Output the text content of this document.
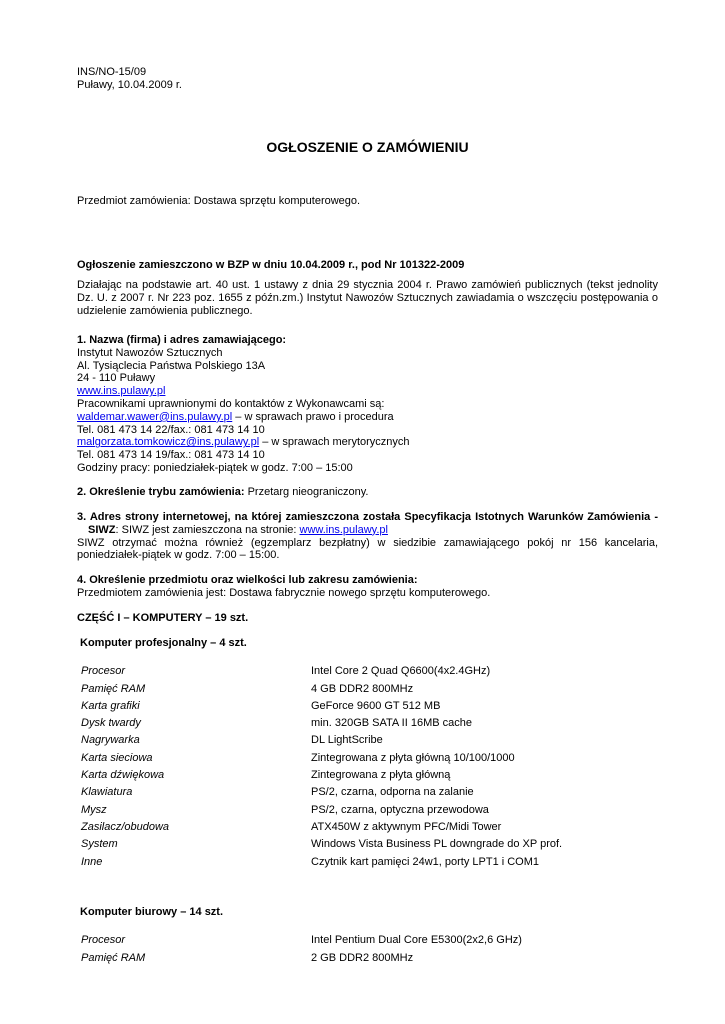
INS/NO-15/09

Puławy, 10.04.2009 r.

OGŁOSZENIE O ZAMÓWIENIU

Przedmiot zamówienia: Dostawa sprzętu komputerowego.

Ogłoszenie zamieszczono w BZP w dniu 10.04.2009 r., pod Nr 101322-2009

Działając na podstawie art. 40 ust. 1 ustawy z dnia 29 stycznia 2004 r. Prawo zamówień publicznych (tekst jednolity Dz. U. z 2007 r. Nr 223 poz. 1655 z późn.zm.) Instytut Nawozów Sztucznych zawiadamia o wszczęciu postępowania o udzielenie zamówienia publicznego.

1. Nazwa (firma) i adres zamawiającego:

Instytut Nawozów Sztucznych

Al. Tysiąclecia Państwa Polskiego 13A

24 - 110 Puławy

www.ins.pulawy.pl

Pracownikami uprawnionymi do kontaktów z Wykonawcami są:

waldemar.wawer@ins.pulawy.pl – w sprawach prawo i procedura

Tel. 081 473 14 22/fax.: 081 473 14 10

malgorzata.tomkowicz@ins.pulawy.pl – w sprawach merytorycznych

Tel. 081 473 14 19/fax.: 081 473 14 10

Godziny pracy: poniedziałek-piątek w godz. 7:00 – 15:00

2. Określenie trybu zamówienia: Przetarg nieograniczony.

3. Adres strony internetowej, na której zamieszczona została Specyfikacja Istotnych Warunków Zamówienia -

SIWZ: SIWZ jest zamieszczona na stronie: www.ins.pulawy.pl

SIWZ otrzymać można również (egzemplarz bezpłatny) w siedzibie zamawiającego pokój nr 156 kancelaria, poniedziałek-piątek w godz. 7:00 – 15:00.

4. Określenie przedmiotu oraz wielkości lub zakresu zamówienia:

Przedmiotem zamówienia jest: Dostawa fabrycznie nowego sprzętu komputerowego.

CZĘŚĆ I – KOMPUTERY – 19 szt.

Komputer profesjonalny – 4 szt.

Procesor	Intel Core 2 Quad Q6600(4x2.4GHz)
Pamięć RAM	4 GB DDR2 800MHz
Karta grafiki	GeForce 9600 GT 512 MB
Dysk twardy	min. 320GB SATA II 16MB cache
Nagrywarka	DL LightScribe
Karta sieciowa	Zintegrowana z płyta główną 10/100/1000
Karta dźwiękowa	Zintegrowana z płyta główną
Klawiatura	PS/2, czarna, odporna na zalanie
Mysz	PS/2, czarna, optyczna przewodowa
Zasilacz/obudowa	ATX450W z aktywnym PFC/Midi Tower
System	Windows Vista Business PL downgrade do XP prof.
Inne	Czytnik kart pamięci 24w1, porty LPT1 i COM1

Komputer biurowy – 14 szt.

Procesor	Intel Pentium Dual Core E5300(2x2,6 GHz)
Pamięć RAM	2 GB DDR2 800MHz
